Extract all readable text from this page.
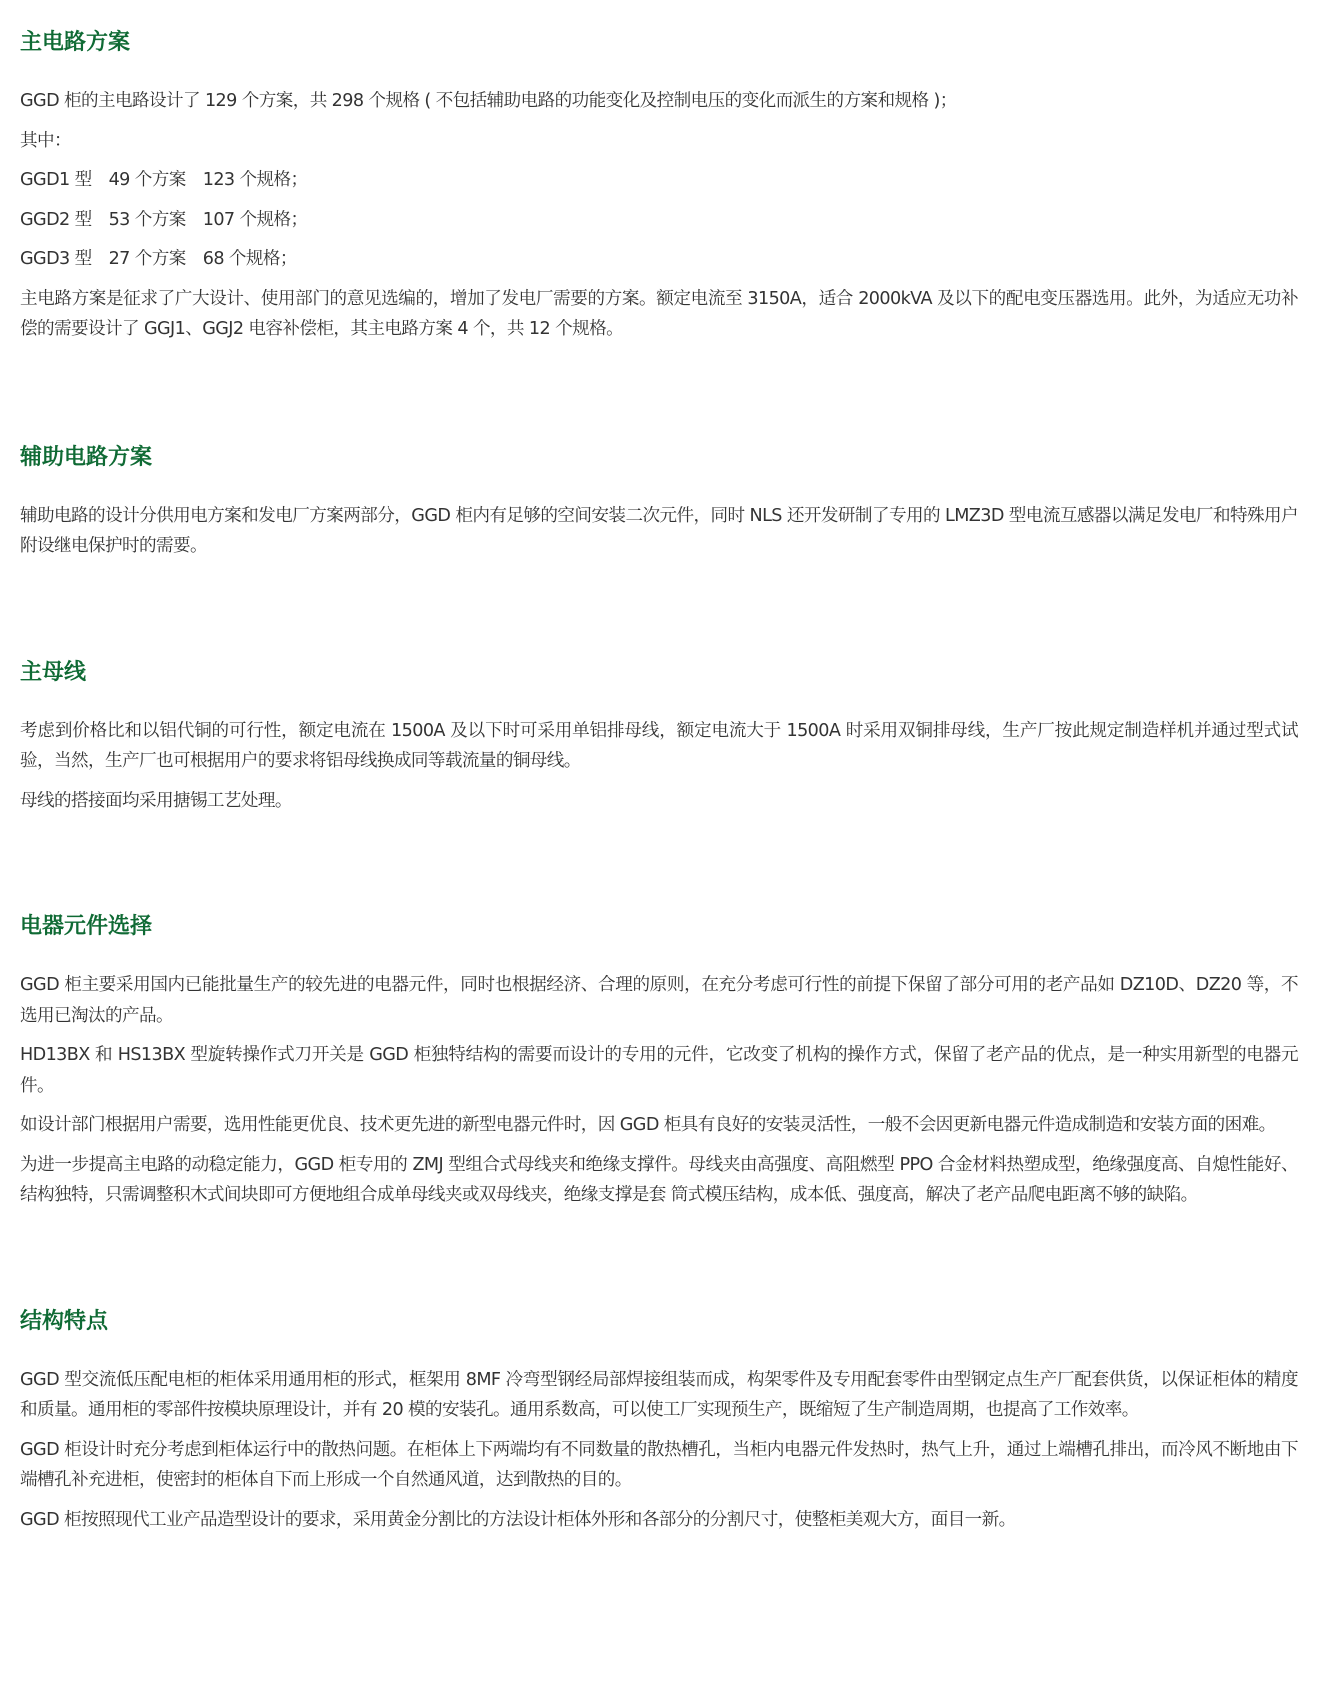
主电路方案

GGD 柜的主电路设计了 129 个方案，共 298 个规格 ( 不包括辅助电路的功能变化及控制电压的变化而派生的方案和规格 )；

其中：

GGD1 型　49 个方案　123 个规格；

GGD2 型　53 个方案　107 个规格；

GGD3 型　27 个方案　68 个规格；

主电路方案是征求了广大设计、使用部门的意见选编的，增加了发电厂需要的方案。额定电流至 3150A，适合 2000kVA 及以下的配电变压器选用。此外，为适应无功补偿的需要设计了 GGJ1、GGJ2 电容补偿柜，其主电路方案 4 个，共 12 个规格。

辅助电路方案

辅助电路的设计分供用电方案和发电厂方案两部分，GGD 柜内有足够的空间安装二次元件，同时 NLS 还开发研制了专用的 LMZ3D 型电流互感器以满足发电厂和特殊用户附设继电保护时的需要。

主母线

考虑到价格比和以铝代铜的可行性，额定电流在 1500A 及以下时可采用单铝排母线，额定电流大于 1500A 时采用双铜排母线，生产厂按此规定制造样机并通过型式试验，当然，生产厂也可根据用户的要求将铝母线换成同等载流量的铜母线。

母线的搭接面均采用搪锡工艺处理。

电器元件选择

GGD 柜主要采用国内已能批量生产的较先进的电器元件，同时也根据经济、合理的原则，在充分考虑可行性的前提下保留了部分可用的老产品如 DZ10D、DZ20 等，不选用已淘汰的产品。

HD13BX 和 HS13BX 型旋转操作式刀开关是 GGD 柜独特结构的需要而设计的专用的元件，它改变了机构的操作方式，保留了老产品的优点，是一种实用新型的电器元件。

如设计部门根据用户需要，选用性能更优良、技术更先进的新型电器元件时，因 GGD 柜具有良好的安装灵活性，一般不会因更新电器元件造成制造和安装方面的困难。

为进一步提高主电路的动稳定能力，GGD 柜专用的 ZMJ 型组合式母线夹和绝缘支撑件。母线夹由高强度、高阻燃型 PPO 合金材料热塑成型，绝缘强度高、自熄性能好、结构独特，只需调整积木式间块即可方便地组合成单母线夹或双母线夹，绝缘支撑是套 筒式模压结构，成本低、强度高，解决了老产品爬电距离不够的缺陷。

结构特点

GGD 型交流低压配电柜的柜体采用通用柜的形式，框架用 8MF 冷弯型钢经局部焊接组装而成，构架零件及专用配套零件由型钢定点生产厂配套供货，以保证柜体的精度和质量。通用柜的零部件按模块原理设计，并有 20 模的安装孔。通用系数高，可以使工厂实现预生产，既缩短了生产制造周期，也提高了工作效率。

GGD 柜设计时充分考虑到柜体运行中的散热问题。在柜体上下两端均有不同数量的散热槽孔，当柜内电器元件发热时，热气上升，通过上端槽孔排出，而冷风不断地由下端槽孔补充进柜，使密封的柜体自下而上形成一个自然通风道，达到散热的目的。

GGD 柜按照现代工业产品造型设计的要求，采用黄金分割比的方法设计柜体外形和各部分的分割尺寸，使整柜美观大方，面目一新。
